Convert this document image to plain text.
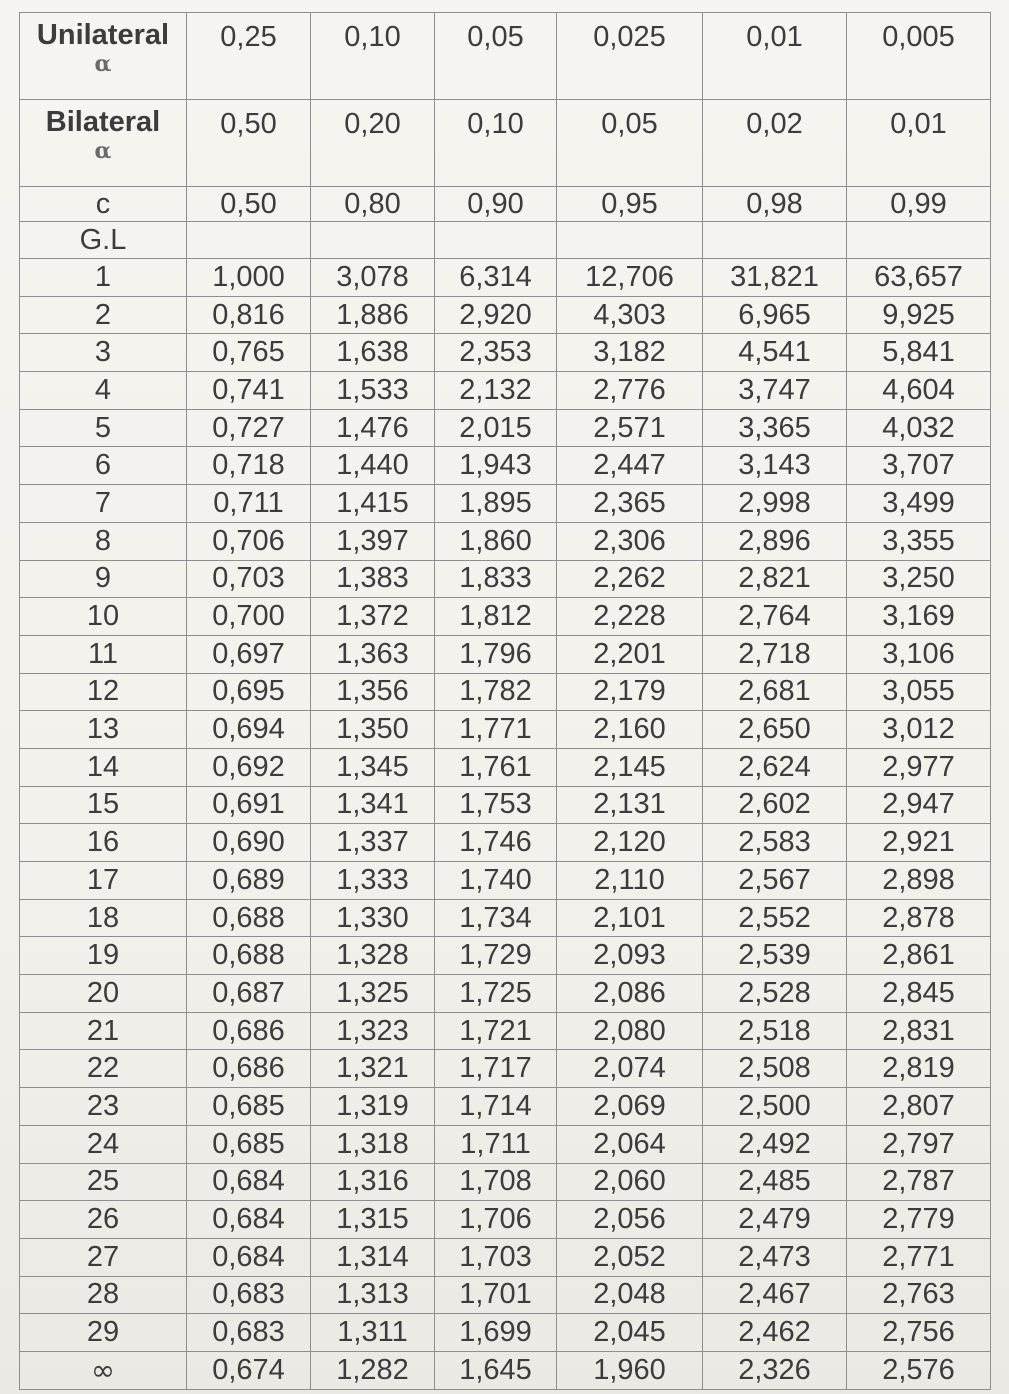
Unilateral
α	0,25	0,10	0,05	0,025	0,01	0,005

Bilateral
α	0,50	0,20	0,10	0,05	0,02	0,01
c	0,50	0,80	0,90	0,95	0,98	0,99
G.L						
1	1,000	3,078	6,314	12,706	31,821	63,657
2	0,816	1,886	2,920	4,303	6,965	9,925
3	0,765	1,638	2,353	3,182	4,541	5,841
4	0,741	1,533	2,132	2,776	3,747	4,604
5	0,727	1,476	2,015	2,571	3,365	4,032
6	0,718	1,440	1,943	2,447	3,143	3,707
7	0,711	1,415	1,895	2,365	2,998	3,499
8	0,706	1,397	1,860	2,306	2,896	3,355
9	0,703	1,383	1,833	2,262	2,821	3,250
10	0,700	1,372	1,812	2,228	2,764	3,169
11	0,697	1,363	1,796	2,201	2,718	3,106
12	0,695	1,356	1,782	2,179	2,681	3,055
13	0,694	1,350	1,771	2,160	2,650	3,012
14	0,692	1,345	1,761	2,145	2,624	2,977
15	0,691	1,341	1,753	2,131	2,602	2,947
16	0,690	1,337	1,746	2,120	2,583	2,921
17	0,689	1,333	1,740	2,110	2,567	2,898
18	0,688	1,330	1,734	2,101	2,552	2,878
19	0,688	1,328	1,729	2,093	2,539	2,861
20	0,687	1,325	1,725	2,086	2,528	2,845
21	0,686	1,323	1,721	2,080	2,518	2,831
22	0,686	1,321	1,717	2,074	2,508	2,819
23	0,685	1,319	1,714	2,069	2,500	2,807
24	0,685	1,318	1,711	2,064	2,492	2,797
25	0,684	1,316	1,708	2,060	2,485	2,787
26	0,684	1,315	1,706	2,056	2,479	2,779
27	0,684	1,314	1,703	2,052	2,473	2,771
28	0,683	1,313	1,701	2,048	2,467	2,763
29	0,683	1,311	1,699	2,045	2,462	2,756
∞	0,674	1,282	1,645	1,960	2,326	2,576
